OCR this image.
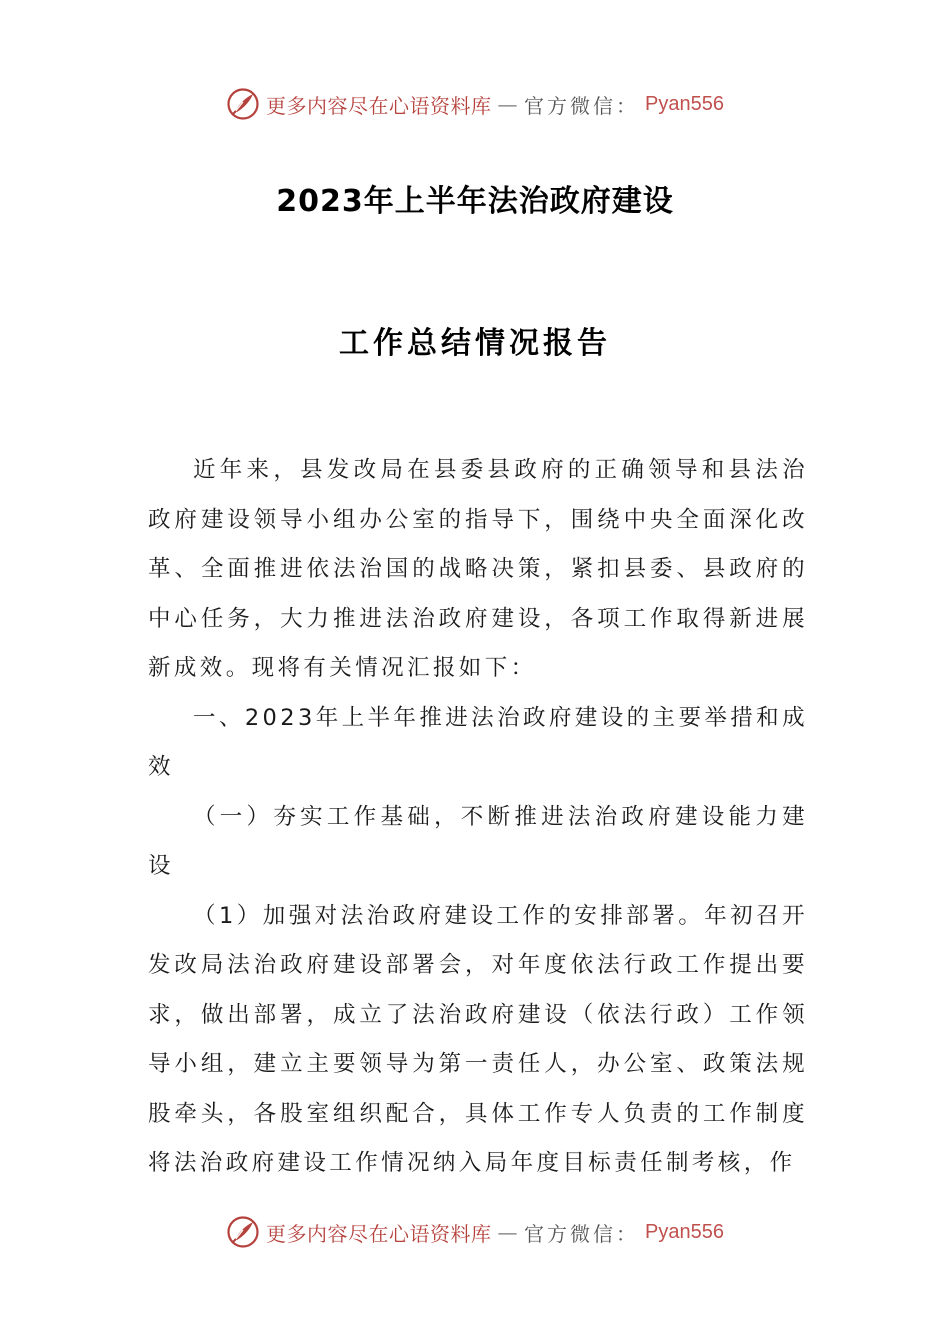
更多内容尽在心语资料库 — 官方微信： Pyan556
2023年上半年法治政府建设
工作总结情况报告

近年来，县发改局在县委县政府的正确领导和县法治政府建设领导小组办公室的指导下，围绕中央全面深化改革、全面推进依法治国的战略决策，紧扣县委、县政府的中心任务，大力推进法治政府建设，各项工作取得新进展新成效。现将有关情况汇报如下：

一、2023年上半年推进法治政府建设的主要举措和成效

（一）夯实工作基础，不断推进法治政府建设能力建设

（1）加强对法治政府建设工作的安排部署。年初召开发改局法治政府建设部署会，对年度依法行政工作提出要求，做出部署，成立了法治政府建设（依法行政）工作领导小组，建立主要领导为第一责任人，办公室、政策法规股牵头，各股室组织配合，具体工作专人负责的工作制度将法治政府建设工作情况纳入局年度目标责任制考核，作

更多内容尽在心语资料库 — 官方微信： Pyan556
